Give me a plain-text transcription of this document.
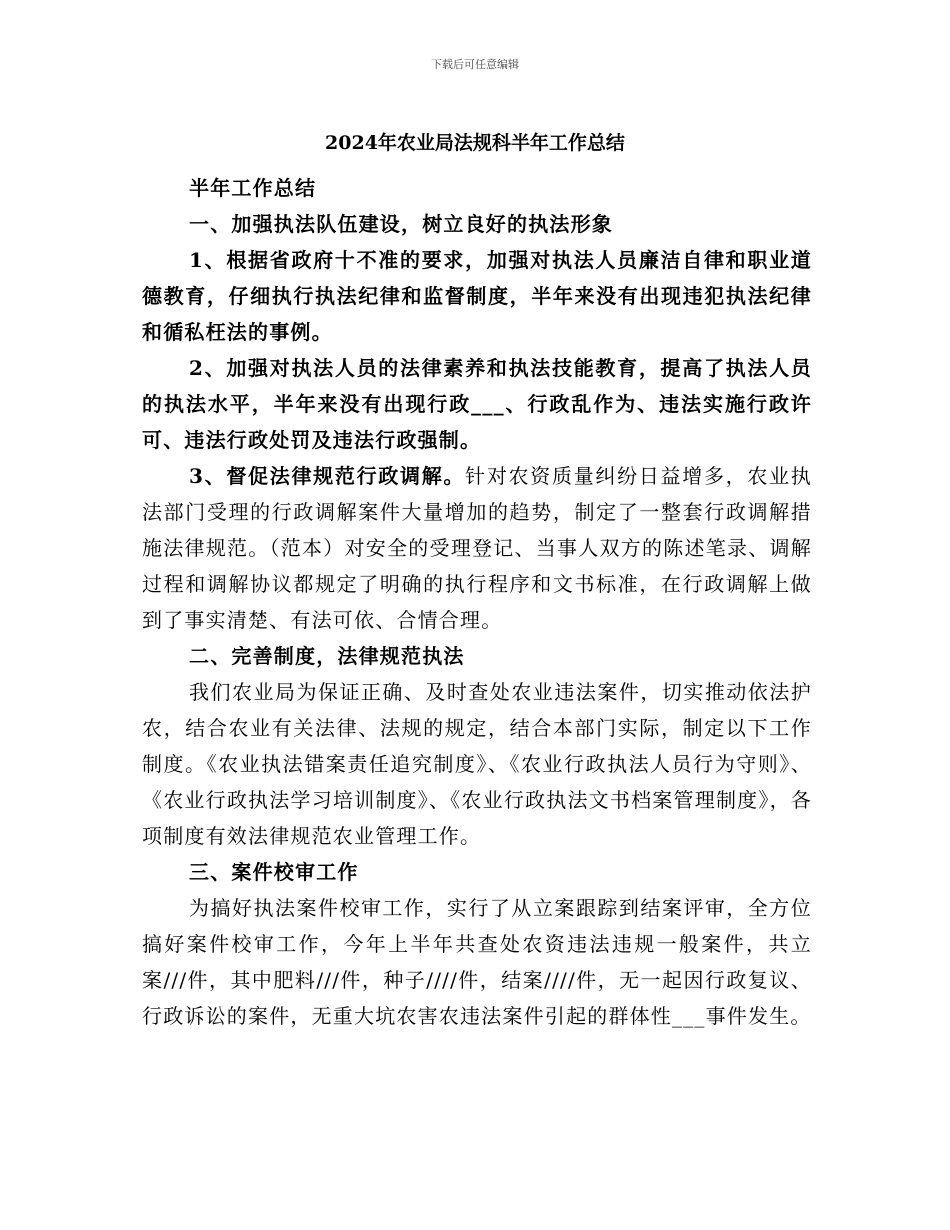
下载后可任意编辑
2024年农业局法规科半年工作总结

半年工作总结

一、加强执法队伍建设，树立良好的执法形象

1、根据省政府十不准的要求，加强对执法人员廉洁自律和职业道德教育，仔细执行执法纪律和监督制度，半年来没有出现违犯执法纪律和循私枉法的事例。

2、加强对执法人员的法律素养和执法技能教育，提高了执法人员的执法水平，半年来没有出现行政___、行政乱作为、违法实施行政许可、违法行政处罚及违法行政强制。

3、督促法律规范行政调解。针对农资质量纠纷日益增多，农业执法部门受理的行政调解案件大量增加的趋势，制定了一整套行政调解措施法律规范。（范本）对安全的受理登记、当事人双方的陈述笔录、调解过程和调解协议都规定了明确的执行程序和文书标准，在行政调解上做到了事实清楚、有法可依、合情合理。

二、完善制度，法律规范执法

我们农业局为保证正确、及时查处农业违法案件，切实推动依法护农，结合农业有关法律、法规的规定，结合本部门实际，制定以下工作制度。《农业执法错案责任追究制度》、《农业行政执法人员行为守则》、《农业行政执法学习培训制度》、《农业行政执法文书档案管理制度》，各项制度有效法律规范农业管理工作。

三、案件校审工作

为搞好执法案件校审工作，实行了从立案跟踪到结案评审，全方位搞好案件校审工作，今年上半年共查处农资违法违规一般案件，共立案///件，其中肥料///件，种子////件，结案////件，无一起因行政复议、行政诉讼的案件，无重大坑农害农违法案件引起的群体性___事件发生。
